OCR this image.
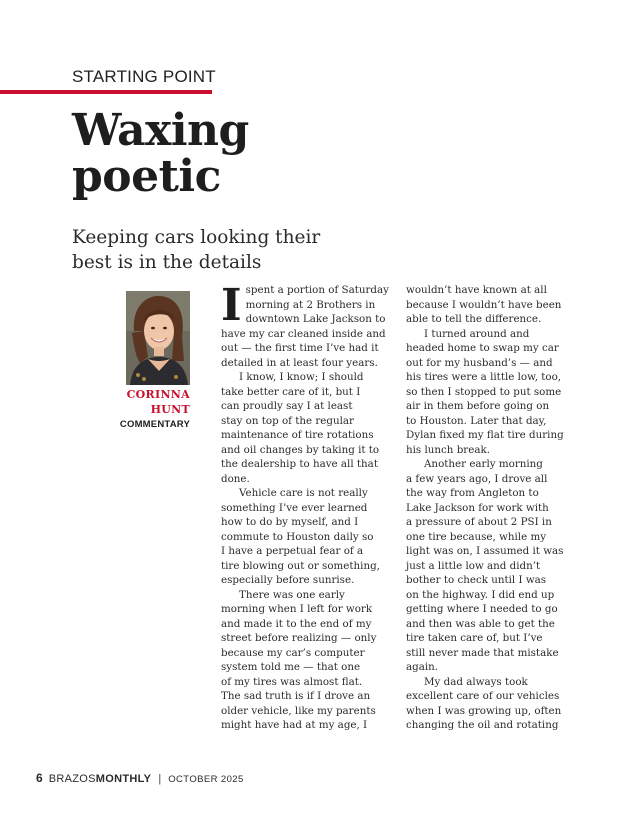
STARTING POINT
Waxing
poetic
Keeping cars looking their
best is in the details
CORINNA
HUNT
COMMENTARY
I spent a portion of Saturday

morning at 2 Brothers in

downtown Lake Jackson to

have my car cleaned inside and

out — the first time I’ve had it

detailed in at least four years.

I know, I know; I should

take better care of it, but I

can proudly say I at least

stay on top of the regular

maintenance of tire rotations

and oil changes by taking it to

the dealership to have all that

done.

Vehicle care is not really

something I’ve ever learned

how to do by myself, and I

commute to Houston daily so

I have a perpetual fear of a

tire blowing out or something,

especially before sunrise.

There was one early

morning when I left for work

and made it to the end of my

street before realizing — only

because my car’s computer

system told me — that one

of my tires was almost flat.

The sad truth is if I drove an

older vehicle, like my parents

might have had at my age, I

wouldn’t have known at all

because I wouldn’t have been

able to tell the difference.

I turned around and

headed home to swap my car

out for my husband’s — and

his tires were a little low, too,

so then I stopped to put some

air in them before going on

to Houston. Later that day,

Dylan fixed my flat tire during

his lunch break.

Another early morning

a few years ago, I drove all

the way from Angleton to

Lake Jackson for work with

a pressure of about 2 PSI in

one tire because, while my

light was on, I assumed it was

just a little low and didn’t

bother to check until I was

on the highway. I did end up

getting where I needed to go

and then was able to get the

tire taken care of, but I’ve

still never made that mistake

again.

My dad always took

excellent care of our vehicles

when I was growing up, often

changing the oil and rotating

6 BRAZOSMONTHLY | OCTOBER 2025
